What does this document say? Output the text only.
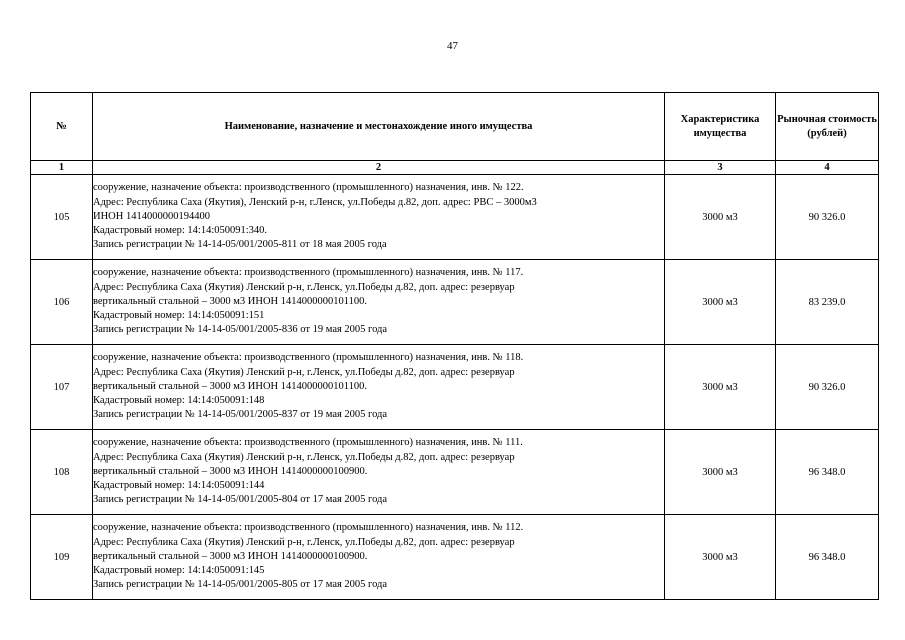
47
№	Наименование, назначение и местонахождение иного имущества	Характеристика имущества	Рыночная стоимость (рублей)
1	2	3	4
105	сооружение, назначение объекта: производственного (промышленного) назначения, инв. № 122.
Адрес: Республика Саха (Якутия), Ленский р-н, г.Ленск, ул.Победы д.82, доп. адрес: РВС – 3000м3
ИНОН 1414000000194400
Кадастровый номер: 14:14:050091:340.
Запись регистрации № 14-14-05/001/2005-811 от 18 мая 2005 года	3000 м3	90 326.0
106	сооружение, назначение объекта: производственного (промышленного) назначения, инв. № 117.
Адрес: Республика Саха (Якутия) Ленский р-н, г.Ленск, ул.Победы д.82, доп. адрес: резервуар
вертикальный стальной – 3000 м3 ИНОН 1414000000101100.
Кадастровый номер: 14:14:050091:151
Запись регистрации № 14-14-05/001/2005-836 от 19 мая 2005 года	3000 м3	83 239.0
107	сооружение, назначение объекта: производственного (промышленного) назначения, инв. № 118.
Адрес: Республика Саха (Якутия) Ленский р-н, г.Ленск, ул.Победы д.82, доп. адрес: резервуар
вертикальный стальной – 3000 м3 ИНОН 1414000000101100.
Кадастровый номер: 14:14:050091:148
Запись регистрации № 14-14-05/001/2005-837 от 19 мая 2005 года	3000 м3	90 326.0
108	сооружение, назначение объекта: производственного (промышленного) назначения, инв. № 111.
Адрес: Республика Саха (Якутия) Ленский р-н, г.Ленск, ул.Победы д.82, доп. адрес: резервуар
вертикальный стальной – 3000 м3 ИНОН 1414000000100900.
Кадастровый номер: 14:14:050091:144
Запись регистрации № 14-14-05/001/2005-804 от 17 мая 2005 года	3000 м3	96 348.0
109	сооружение, назначение объекта: производственного (промышленного) назначения, инв. № 112.
Адрес: Республика Саха (Якутия) Ленский р-н, г.Ленск, ул.Победы д.82, доп. адрес: резервуар
вертикальный стальной – 3000 м3 ИНОН 1414000000100900.
Кадастровый номер: 14:14:050091:145
Запись регистрации № 14-14-05/001/2005-805 от 17 мая 2005 года	3000 м3	96 348.0
